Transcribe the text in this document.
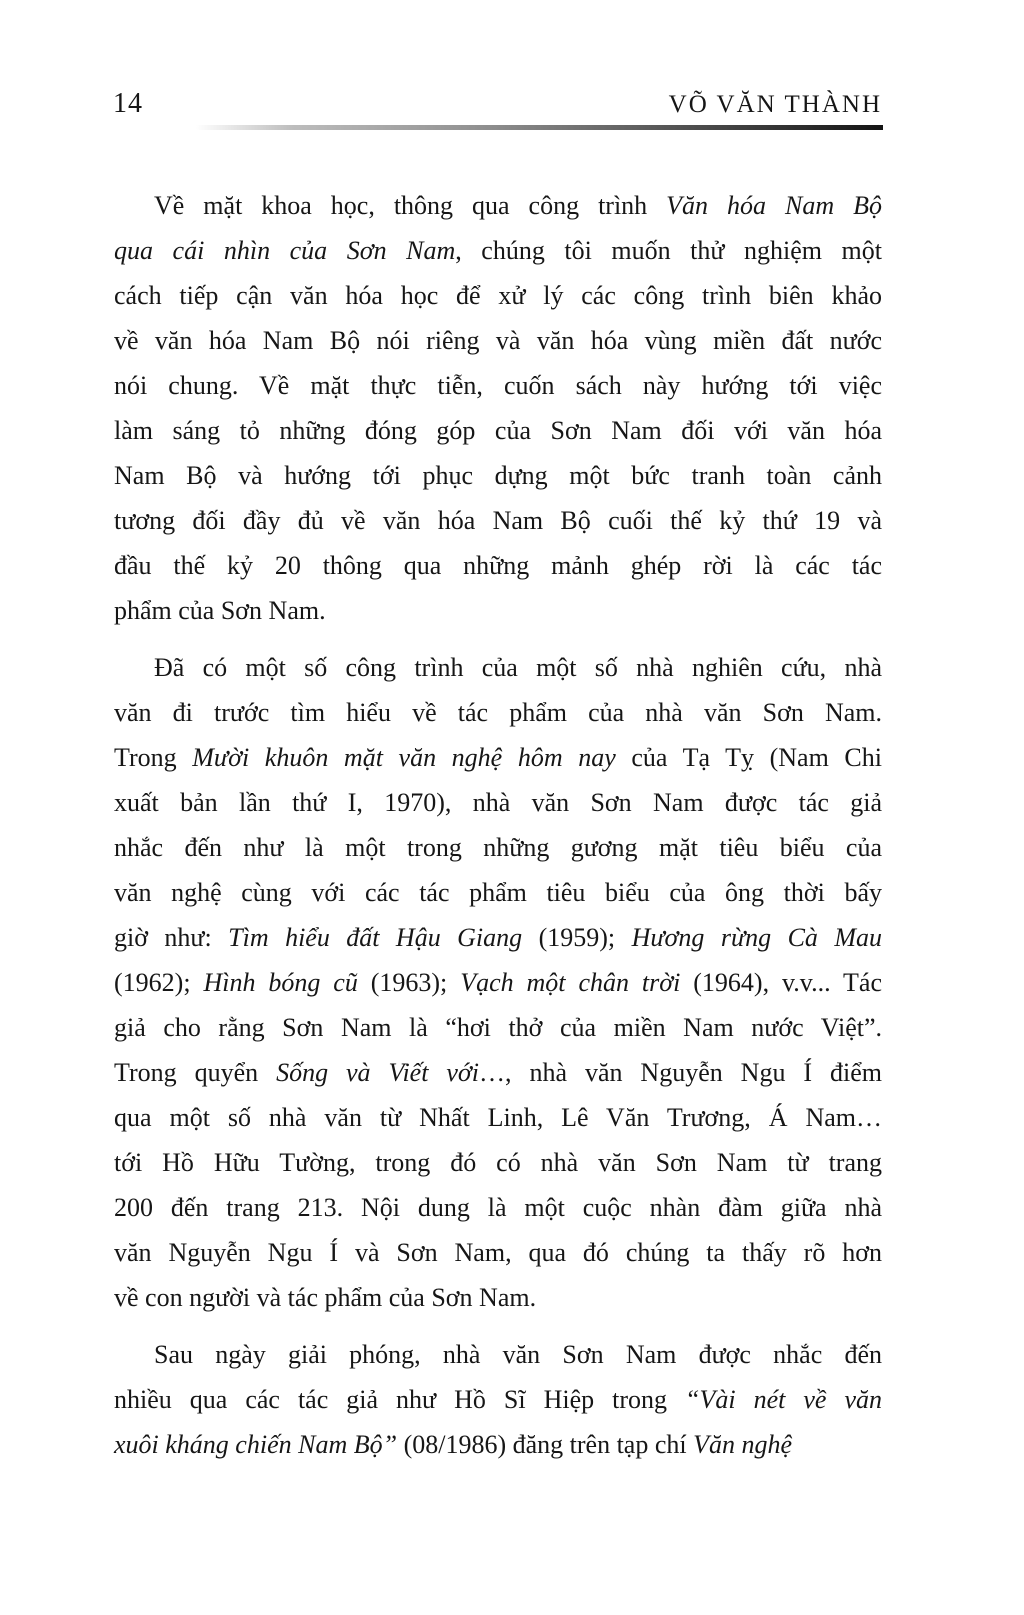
14	VÕ VĂN THÀNH

Về mặt khoa học, thông qua công trình Văn hóa Nam Bộ
qua cái nhìn của Sơn Nam, chúng tôi muốn thử nghiệm một
cách tiếp cận văn hóa học để xử lý các công trình biên khảo
về văn hóa Nam Bộ nói riêng và văn hóa vùng miền đất nước
nói chung. Về mặt thực tiễn, cuốn sách này hướng tới việc
làm sáng tỏ những đóng góp của Sơn Nam đối với văn hóa
Nam Bộ và hướng tới phục dựng một bức tranh toàn cảnh
tương đối đầy đủ về văn hóa Nam Bộ cuối thế kỷ thứ 19 và
đầu thế kỷ 20 thông qua những mảnh ghép rời là các tác
phẩm của Sơn Nam.

Đã có một số công trình của một số nhà nghiên cứu, nhà
văn đi trước tìm hiểu về tác phẩm của nhà văn Sơn Nam.
Trong Mười khuôn mặt văn nghệ hôm nay của Tạ Tỵ (Nam Chi
xuất bản lần thứ I, 1970), nhà văn Sơn Nam được tác giả
nhắc đến như là một trong những gương mặt tiêu biểu của
văn nghệ cùng với các tác phẩm tiêu biểu của ông thời bấy
giờ như: Tìm hiểu đất Hậu Giang (1959); Hương rừng Cà Mau
(1962); Hình bóng cũ (1963); Vạch một chân trời (1964), v.v... Tác
giả cho rằng Sơn Nam là “hơi thở của miền Nam nước Việt”.
Trong quyển Sống và Viết với…, nhà văn Nguyễn Ngu Í điểm
qua một số nhà văn từ Nhất Linh, Lê Văn Trương, Á Nam…
tới Hồ Hữu Tường, trong đó có nhà văn Sơn Nam từ trang
200 đến trang 213. Nội dung là một cuộc nhàn đàm giữa nhà
văn Nguyễn Ngu Í và Sơn Nam, qua đó chúng ta thấy rõ hơn
về con người và tác phẩm của Sơn Nam.

Sau ngày giải phóng, nhà văn Sơn Nam được nhắc đến
nhiều qua các tác giả như Hồ Sĩ Hiệp trong “Vài nét về văn
xuôi kháng chiến Nam Bộ” (08/1986) đăng trên tạp chí Văn nghệ
